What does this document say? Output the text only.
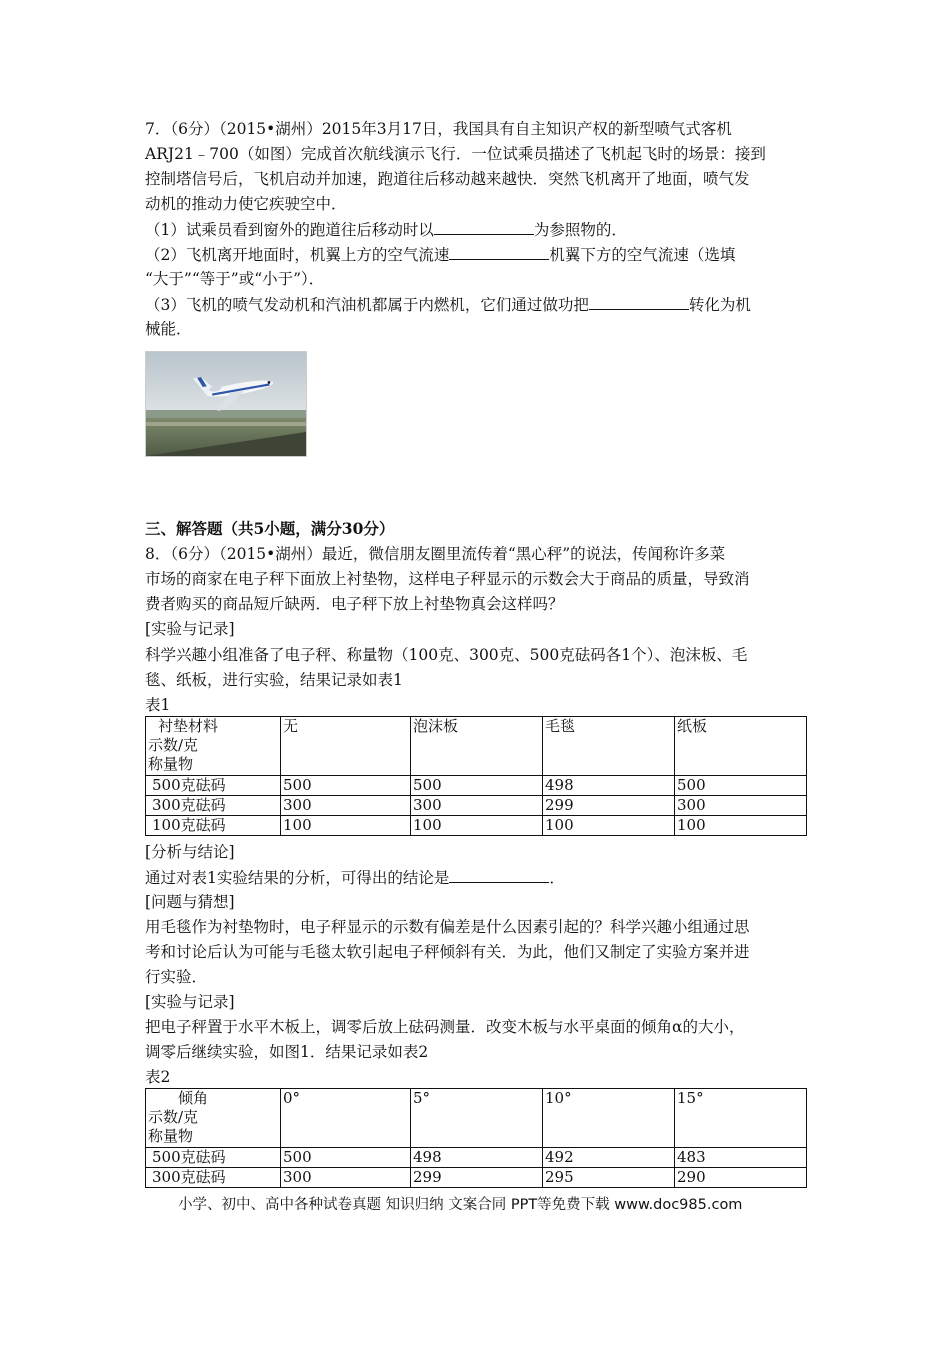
7．（6分）（2015•湖州）2015年3月17日，我国具有自主知识产权的新型喷气式客机
ARJ21﹣700（如图）完成首次航线演示飞行．一位试乘员描述了飞机起飞时的场景：接到
控制塔信号后，飞机启动并加速，跑道往后移动越来越快．突然飞机离开了地面，喷气发
动机的推动力使它疾驶空中．
（1）试乘员看到窗外的跑道往后移动时以	为参照物的．
（2）飞机离开地面时，机翼上方的空气流速	机翼下方的空气流速（选填
“大于”“等于”或“小于”）．
（3）飞机的喷气发动机和汽油机都属于内燃机，它们通过做功把	转化为机
械能．
三、解答题（共5小题，满分30分）
8．（6分）（2015•湖州）最近，微信朋友圈里流传着“黑心秤”的说法，传闻称许多菜
市场的商家在电子秤下面放上衬垫物，这样电子秤显示的示数会大于商品的质量，导致消
费者购买的商品短斤缺两．电子秤下放上衬垫物真会这样吗？
[实验与记录]
科学兴趣小组准备了电子秤、称量物（100克、300克、500克砝码各1个）、泡沫板、毛
毯、纸板，进行实验，结果记录如表1
表1
衬垫材料
示数/克
称量物	无	泡沫板	毛毯	纸板
500克砝码	500	500	498	500
300克砝码	300	300	299	300
100克砝码	100	100	100	100
[分析与结论]
通过对表1实验结果的分析，可得出的结论是	．
[问题与猜想]
用毛毯作为衬垫物时，电子秤显示的示数有偏差是什么因素引起的？科学兴趣小组通过思
考和讨论后认为可能与毛毯太软引起电子秤倾斜有关．为此，他们又制定了实验方案并进
行实验．
[实验与记录]
把电子秤置于水平木板上，调零后放上砝码测量．改变木板与水平桌面的倾角α的大小，
调零后继续实验，如图1．结果记录如表2
表2
倾角
示数/克
称量物	0°	5°	10°	15°
500克砝码	500	498	492	483
300克砝码	300	299	295	290
小学、初中、高中各种试卷真题 知识归纳 文案合同 PPT等免费下载 www.doc985.com
